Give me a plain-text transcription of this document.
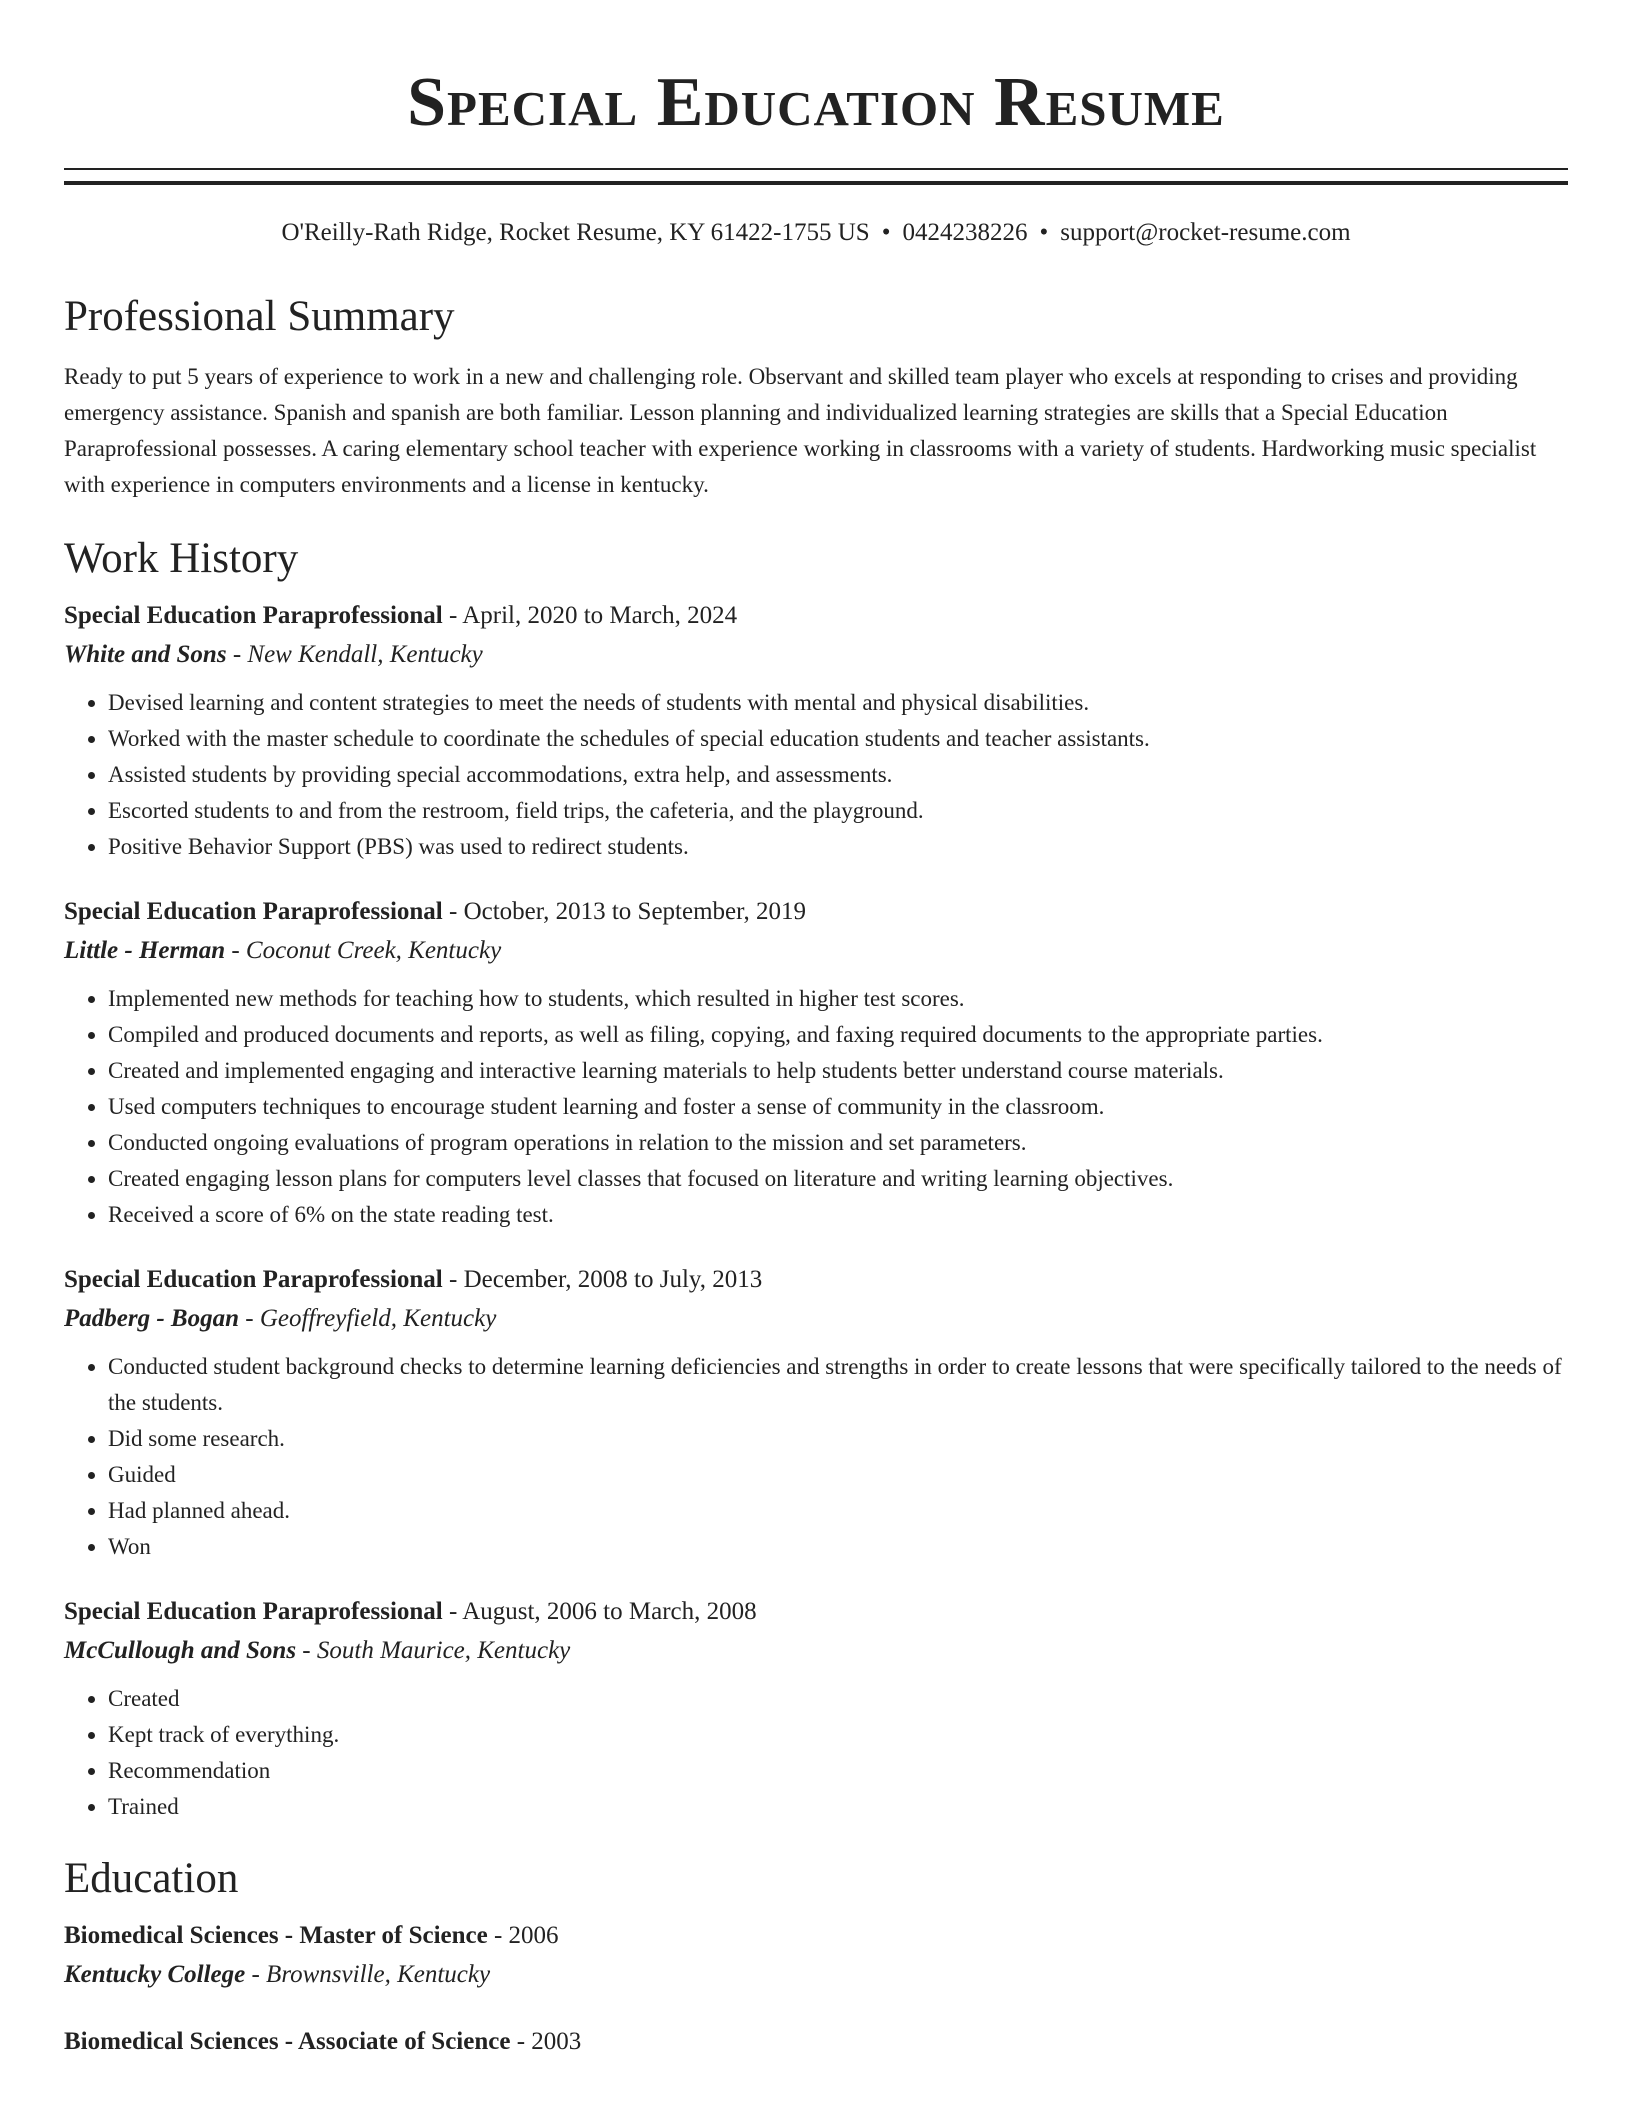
Special Education Resume
O'Reilly-Rath Ridge, Rocket Resume, KY 61422-1755 US • 0424238226 • support@rocket-resume.com
Professional Summary

Ready to put 5 years of experience to work in a new and challenging role. Observant and skilled team player who excels at responding to crises and providing emergency assistance. Spanish and spanish are both familiar. Lesson planning and individualized learning strategies are skills that a Special Education Paraprofessional possesses. A caring elementary school teacher with experience working in classrooms with a variety of students. Hardworking music specialist with experience in computers environments and a license in kentucky.

Work History
Special Education Paraprofessional - April, 2020 to March, 2024
White and Sons - New Kendall, Kentucky
• Devised learning and content strategies to meet the needs of students with mental and physical disabilities.
• Worked with the master schedule to coordinate the schedules of special education students and teacher assistants.
• Assisted students by providing special accommodations, extra help, and assessments.
• Escorted students to and from the restroom, field trips, the cafeteria, and the playground.
• Positive Behavior Support (PBS) was used to redirect students.
Special Education Paraprofessional - October, 2013 to September, 2019
Little - Herman - Coconut Creek, Kentucky
• Implemented new methods for teaching how to students, which resulted in higher test scores.
• Compiled and produced documents and reports, as well as filing, copying, and faxing required documents to the appropriate parties.
• Created and implemented engaging and interactive learning materials to help students better understand course materials.
• Used computers techniques to encourage student learning and foster a sense of community in the classroom.
• Conducted ongoing evaluations of program operations in relation to the mission and set parameters.
• Created engaging lesson plans for computers level classes that focused on literature and writing learning objectives.
• Received a score of 6% on the state reading test.
Special Education Paraprofessional - December, 2008 to July, 2013
Padberg - Bogan - Geoffreyfield, Kentucky
• Conducted student background checks to determine learning deficiencies and strengths in order to create lessons that were specifically tailored to the needs of the students.
• Did some research.
• Guided
• Had planned ahead.
• Won
Special Education Paraprofessional - August, 2006 to March, 2008
McCullough and Sons - South Maurice, Kentucky
• Created
• Kept track of everything.
• Recommendation
• Trained
Education
Biomedical Sciences - Master of Science - 2006
Kentucky College - Brownsville, Kentucky
Biomedical Sciences - Associate of Science - 2003
